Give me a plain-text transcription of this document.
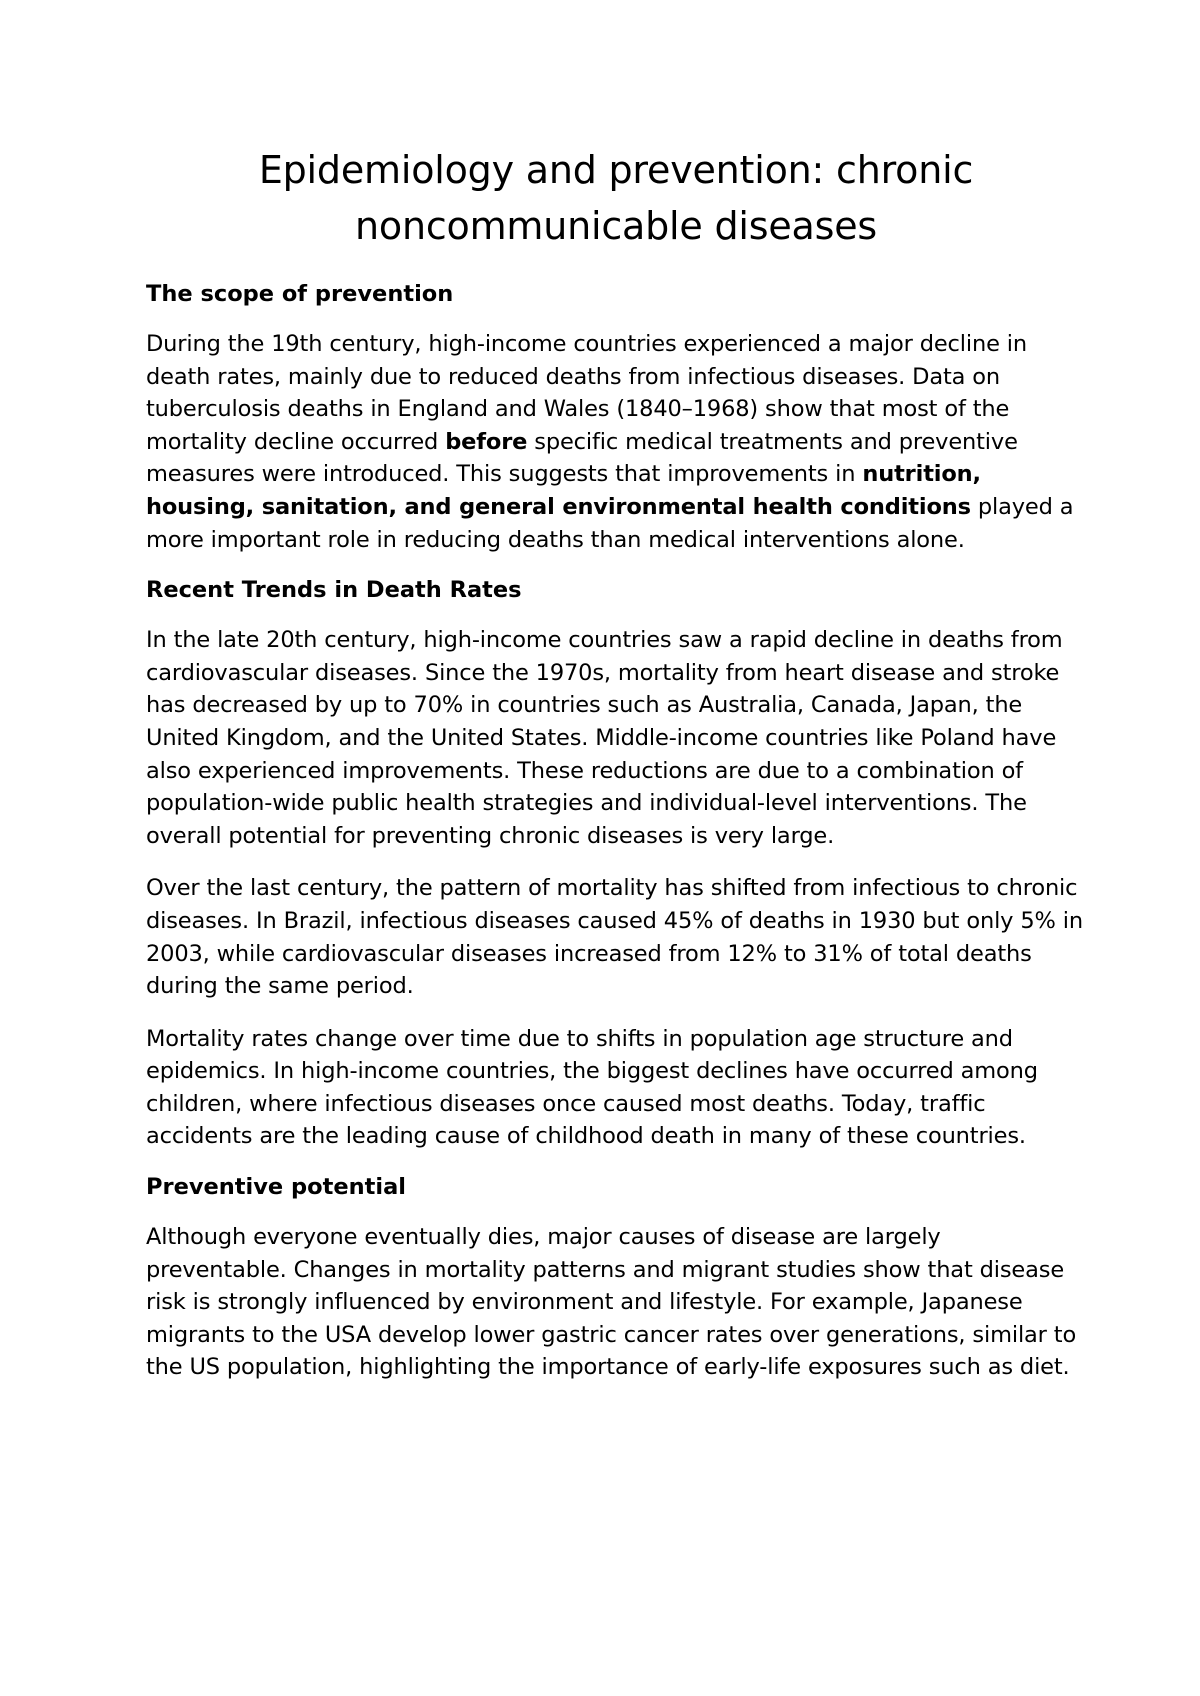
Epidemiology and prevention: chronic noncommunicable diseases
The scope of prevention

During the 19th century, high-income countries experienced a major decline in death rates, mainly due to reduced deaths from infectious diseases. Data on tuberculosis deaths in England and Wales (1840–1968) show that most of the mortality decline occurred before specific medical treatments and preventive measures were introduced. This suggests that improvements in nutrition, housing, sanitation, and general environmental health conditions played a more important role in reducing deaths than medical interventions alone.

Recent Trends in Death Rates

In the late 20th century, high-income countries saw a rapid decline in deaths from cardiovascular diseases. Since the 1970s, mortality from heart disease and stroke has decreased by up to 70% in countries such as Australia, Canada, Japan, the United Kingdom, and the United States. Middle-income countries like Poland have also experienced improvements. These reductions are due to a combination of population-wide public health strategies and individual-level interventions. The overall potential for preventing chronic diseases is very large.

Over the last century, the pattern of mortality has shifted from infectious to chronic diseases. In Brazil, infectious diseases caused 45% of deaths in 1930 but only 5% in 2003, while cardiovascular diseases increased from 12% to 31% of total deaths during the same period.

Mortality rates change over time due to shifts in population age structure and epidemics. In high-income countries, the biggest declines have occurred among children, where infectious diseases once caused most deaths. Today, traffic accidents are the leading cause of childhood death in many of these countries.

Preventive potential

Although everyone eventually dies, major causes of disease are largely preventable. Changes in mortality patterns and migrant studies show that disease risk is strongly influenced by environment and lifestyle. For example, Japanese migrants to the USA develop lower gastric cancer rates over generations, similar to the US population, highlighting the importance of early-life exposures such as diet.
